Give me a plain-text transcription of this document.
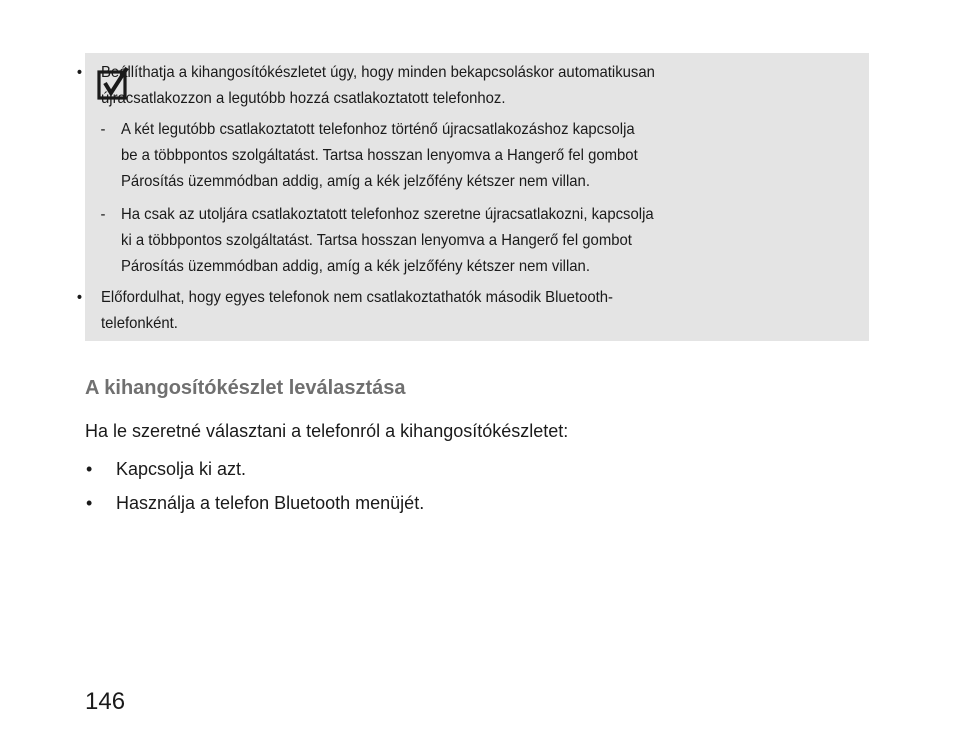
• Beállíthatja a kihangosítókészletet úgy, hogy minden bekapcsoláskor automatikusan
újracsatlakozzon a legutóbb hozzá csatlakoztatott telefonhoz.
- A két legutóbb csatlakoztatott telefonhoz történő újracsatlakozáshoz kapcsolja
be a többpontos szolgáltatást. Tartsa hosszan lenyomva a Hangerő fel gombot
Párosítás üzemmódban addig, amíg a kék jelzőfény kétszer nem villan.
- Ha csak az utoljára csatlakoztatott telefonhoz szeretne újracsatlakozni, kapcsolja
ki a többpontos szolgáltatást. Tartsa hosszan lenyomva a Hangerő fel gombot
Párosítás üzemmódban addig, amíg a kék jelzőfény kétszer nem villan.
• Előfordulhat, hogy egyes telefonok nem csatlakoztathatók második Bluetooth-
telefonként.
A kihangosítókészlet leválasztása
Ha le szeretné választani a telefonról a kihangosítókészletet:
• Kapcsolja ki azt.
• Használja a telefon Bluetooth menüjét.
146
